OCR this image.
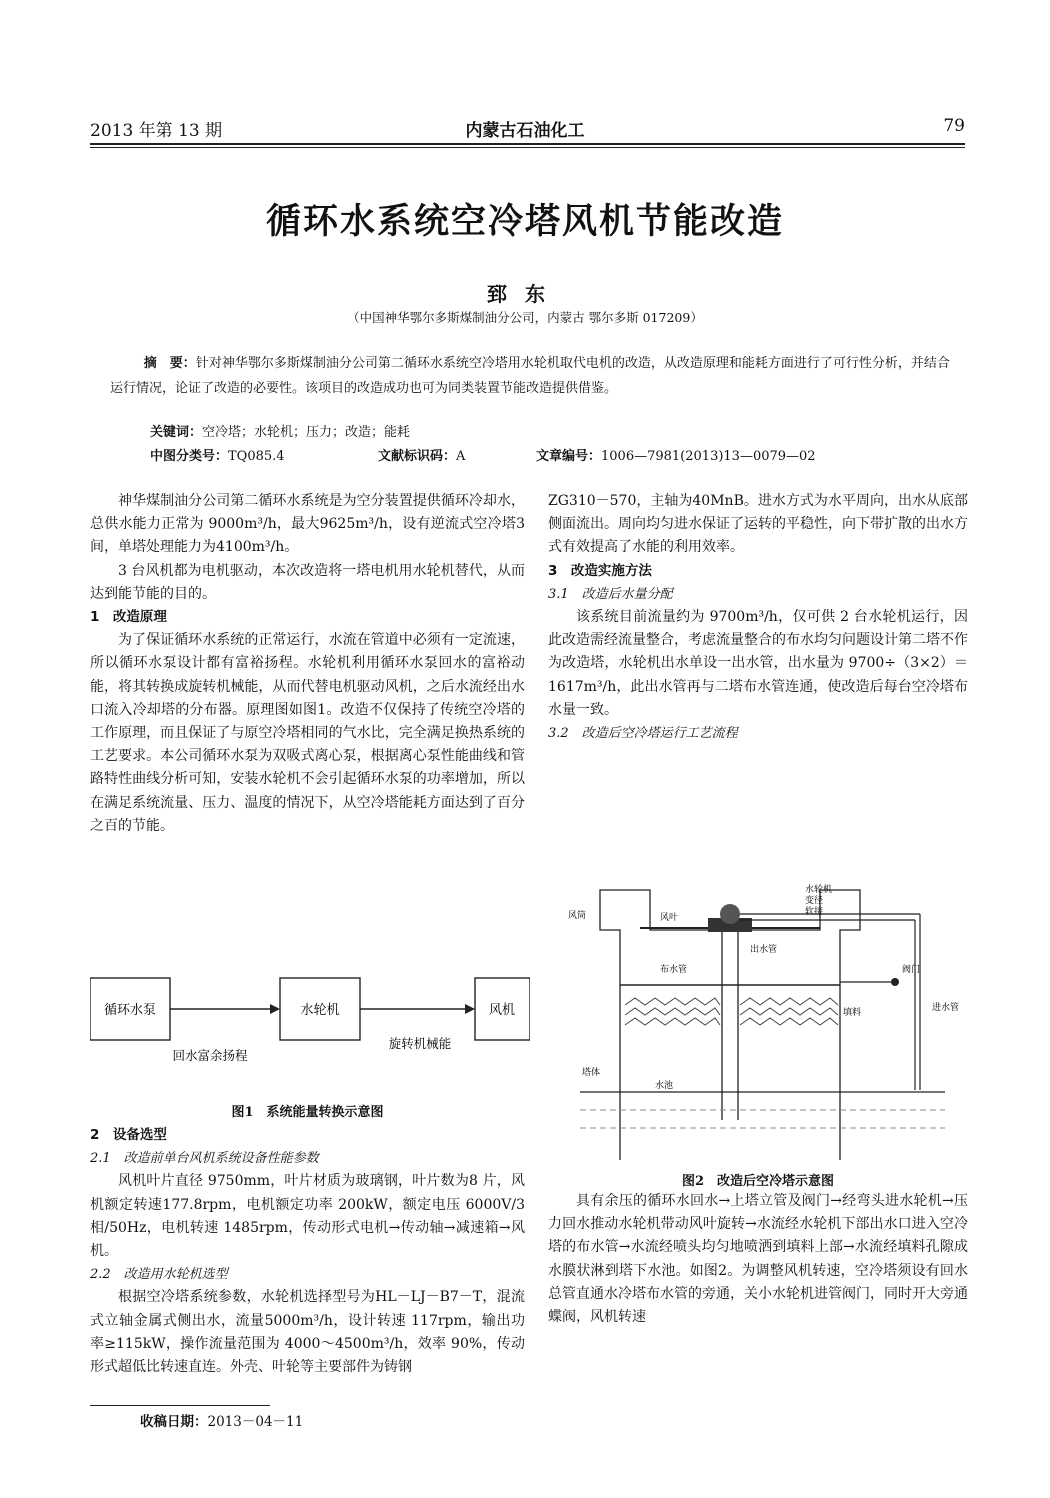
2013 年第 13 期	内蒙古石油化工	79
循环水系统空冷塔风机节能改造
郅东
（中国神华鄂尔多斯煤制油分公司，内蒙古 鄂尔多斯 017209）

摘　要：针对神华鄂尔多斯煤制油分公司第二循环水系统空冷塔用水轮机取代电机的改造，从改造原理和能耗方面进行了可行性分析，并结合运行情况，论证了改造的必要性。该项目的改造成功也可为同类装置节能改造提供借鉴。

关键词：空冷塔；水轮机；压力；改造；能耗
中图分类号：TQ085.4	文献标识码：A	文章编号：1006—7981(2013)13—0079—02

神华煤制油分公司第二循环水系统是为空分装置提供循环冷却水，总供水能力正常为 9000m³/h，最大9625m³/h，设有逆流式空冷塔3间，单塔处理能力为4100m³/h。

3 台风机都为电机驱动，本次改造将一塔电机用水轮机替代，从而达到能节能的目的。

1　改造原理

为了保证循环水系统的正常运行，水流在管道中必须有一定流速，所以循环水泵设计都有富裕扬程。水轮机利用循环水泵回水的富裕动能，将其转换成旋转机械能，从而代替电机驱动风机，之后水流经出水口流入冷却塔的分布器。原理图如图1。改造不仅保持了传统空冷塔的工作原理，而且保证了与原空冷塔相同的气水比，完全满足换热系统的工艺要求。本公司循环水泵为双吸式离心泵，根据离心泵性能曲线和管路特性曲线分析可知，安装水轮机不会引起循环水泵的功率增加，所以在满足系统流量、压力、温度的情况下，从空冷塔能耗方面达到了百分之百的节能。

循环水泵	水轮机	风机
回水富余扬程
旋转机械能
图1　系统能量转换示意图

2　设备选型

2.1　改造前单台风机系统设备性能参数

风机叶片直径 9750mm，叶片材质为玻璃钢，叶片数为8 片，风机额定转速177.8rpm，电机额定功率 200kW，额定电压 6000V/3 相/50Hz，电机转速 1485rpm，传动形式电机→传动轴→减速箱→风机。

2.2　改造用水轮机选型

根据空冷塔系统参数，水轮机选择型号为HL－LJ－B7－T，混流式立轴金属式侧出水，流量5000m³/h，设计转速 117rpm，输出功率≥115kW，操作流量范围为 4000～4500m³/h，效率 90%，传动形式超低比转速直连。外壳、叶轮等主要部件为铸钢

ZG310－570，主轴为40MnB。进水方式为水平周向，出水从底部侧面流出。周向均匀进水保证了运转的平稳性，向下带扩散的出水方式有效提高了水能的利用效率。

3　改造实施方法

3.1　改造后水量分配

该系统目前流量约为 9700m³/h，仅可供 2 台水轮机运行，因此改造需经流量整合，考虑流量整合的布水均匀问题设计第二塔不作为改造塔，水轮机出水单设一出水管，出水量为 9700÷（3×2）＝1617m³/h，此出水管再与二塔布水管连通，使改造后每台空冷塔布水量一致。

3.2　改造后空冷塔运行工艺流程

水轮机
变径
软接
风筒	风叶
出水管
布水管	阀门
进水管
填料
塔体
水池
图2　改造后空冷塔示意图

具有余压的循环水回水→上塔立管及阀门→经弯头进水轮机→压力回水推动水轮机带动风叶旋转→水流经水轮机下部出水口进入空冷塔的布水管→水流经喷头均匀地喷洒到填料上部→水流经填料孔隙成水膜状淋到塔下水池。如图2。为调整风机转速，空冷塔须设有回水总管直通水冷塔布水管的旁通，关小水轮机进管阀门，同时开大旁通蝶阀，风机转速

收稿日期：2013－04－11
